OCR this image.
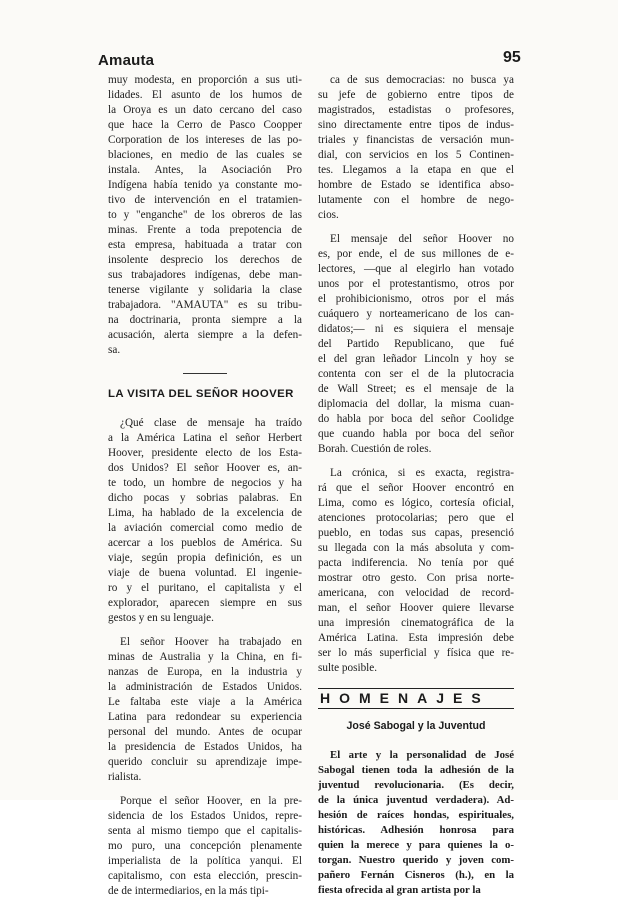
Amauta	95
muy modesta, en proporción a sus uti-
lidades. El asunto de los humos de
la Oroya es un dato cercano del caso
que hace la Cerro de Pasco Coopper
Corporation de los intereses de las po-
blaciones, en medio de las cuales se
instala. Antes, la Asociación Pro
Indígena había tenido ya constante mo-
tivo de intervención en el tratamien-
to y "enganche" de los obreros de las
minas. Frente a toda prepotencia de
esta empresa, habituada a tratar con
insolente desprecio los derechos de
sus trabajadores indígenas, debe man-
tenerse vigilante y solidaria la clase
trabajadora. "AMAUTA" es su tribu-
na doctrinaria, pronta siempre a la
acusación, alerta siempre a la defen-
sa.
LA VISITA DEL SEÑOR HOOVER
¿Qué clase de mensaje ha traído
a la América Latina el señor Herbert
Hoover, presidente electo de los Esta-
dos Unidos? El señor Hoover es, an-
te todo, un hombre de negocios y ha
dicho pocas y sobrias palabras. En
Lima, ha hablado de la excelencia de
la aviación comercial como medio de
acercar a los pueblos de América. Su
viaje, según propia definición, es un
viaje de buena voluntad. El ingenie-
ro y el puritano, el capitalista y el
explorador, aparecen siempre en sus
gestos y en su lenguaje.
El señor Hoover ha trabajado en
minas de Australia y la China, en fi-
nanzas de Europa, en la industria y
la administración de Estados Unidos.
Le faltaba este viaje a la América
Latina para redondear su experiencia
personal del mundo. Antes de ocupar
la presidencia de Estados Unidos, ha
querido concluir su aprendizaje impe-
rialista.
Porque el señor Hoover, en la pre-
sidencia de los Estados Unidos, repre-
senta al mismo tiempo que el capitalis-
mo puro, una concepción plenamente
imperialista de la política yanqui. El
capitalismo, con esta elección, prescin-
de de intermediarios, en la más tipi-
ca de sus democracias: no busca ya
su jefe de gobierno entre tipos de
magistrados, estadistas o profesores,
sino directamente entre tipos de indus-
triales y financistas de versación mun-
dial, con servicios en los 5 Continen-
tes. Llegamos a la etapa en que el
hombre de Estado se identifica abso-
lutamente con el hombre de nego-
cios.
El mensaje del señor Hoover no
es, por ende, el de sus millones de e-
lectores, —que al elegirlo han votado
unos por el protestantismo, otros por
el prohibicionismo, otros por el más
cuáquero y norteamericano de los can-
didatos;— ni es siquiera el mensaje
del Partido Republicano, que fué
el del gran leñador Lincoln y hoy se
contenta con ser el de la plutocracia
de Wall Street; es el mensaje de la
diplomacia del dollar, la misma cuan-
do habla por boca del señor Coolidge
que cuando habla por boca del señor
Borah. Cuestión de roles.
La crónica, si es exacta, registra-
rá que el señor Hoover encontró en
Lima, como es lógico, cortesía oficial,
atenciones protocolarias; pero que el
pueblo, en todas sus capas, presenció
su llegada con la más absoluta y com-
pacta indiferencia. No tenía por qué
mostrar otro gesto. Con prisa norte-
americana, con velocidad de record-
man, el señor Hoover quiere llevarse
una impresión cinematográfica de la
América Latina. Esta impresión debe
ser lo más superficial y física que re-
sulte posible.
HOMENAJES
José Sabogal y la Juventud
El arte y la personalidad de José
Sabogal tienen toda la adhesión de la
juventud revolucionaria. (Es decir,
de la única juventud verdadera). Ad-
hesión de raíces hondas, espirituales,
históricas. Adhesión honrosa para
quien la merece y para quienes la o-
torgan. Nuestro querido y joven com-
pañero Fernán Cisneros (h.), en la
fiesta ofrecida al gran artista por la
